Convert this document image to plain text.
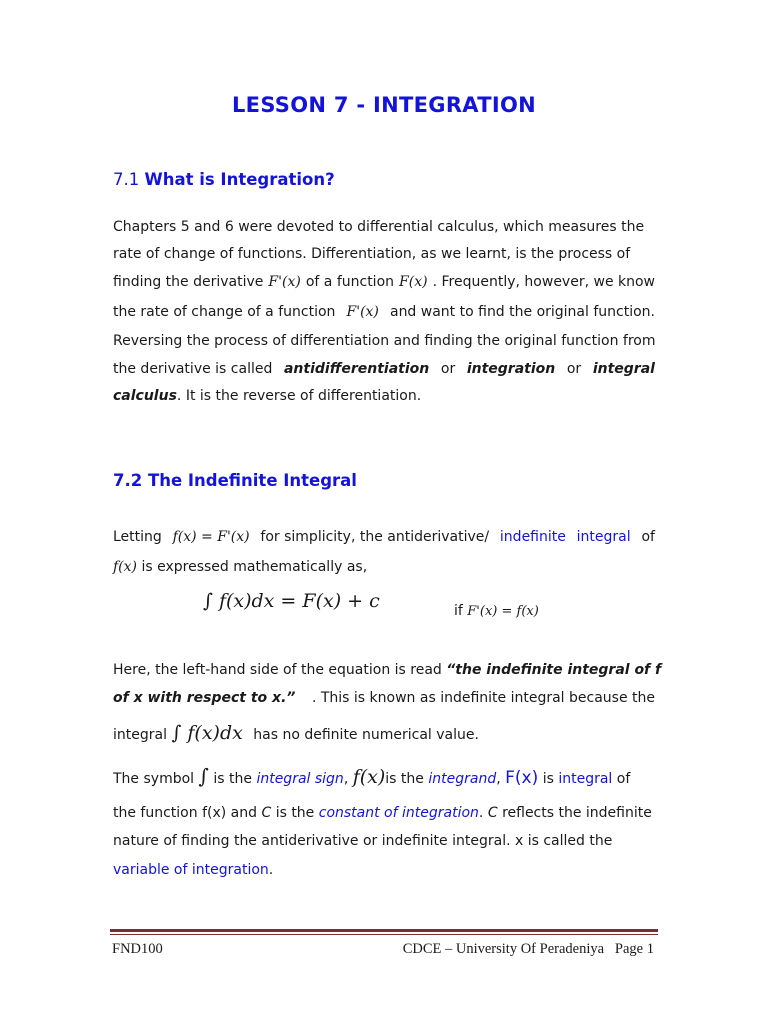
LESSON 7 - INTEGRATION
7.1 What is Integration?
Chapters 5 and 6 were devoted to differential calculus, which measures the
rate of change of functions. Differentiation, as we learnt, is the process of
finding the derivative F'(x) of a function F(x) . Frequently, however, we know
the rate of change of a function F'(x) and want to find the original function.
Reversing the process of differentiation and finding the original function from
the derivative is called antidifferentiation or integration or integral
calculus. It is the reverse of differentiation.
7.2 The Indefinite Integral
Letting f(x) = F'(x) for simplicity, the antiderivative/ indefinite integral of
f(x) is expressed mathematically as,
∫ f(x)dx = F(x) + c	if F'(x) = f(x)
Here, the left-hand side of the equation is read “the indefinite integral of f
of x with respect to x.” . This is known as indefinite integral because the
integral ∫ f(x)dx has no definite numerical value.
The symbol ∫ is the integral sign, f(x)is the integrand, F(x) is integral of
the function f(x) and C is the constant of integration. C reflects the indefinite
nature of finding the antiderivative or indefinite integral. x is called the
variable of integration.
FND100	CDCE – University Of Peradeniya   Page 1
